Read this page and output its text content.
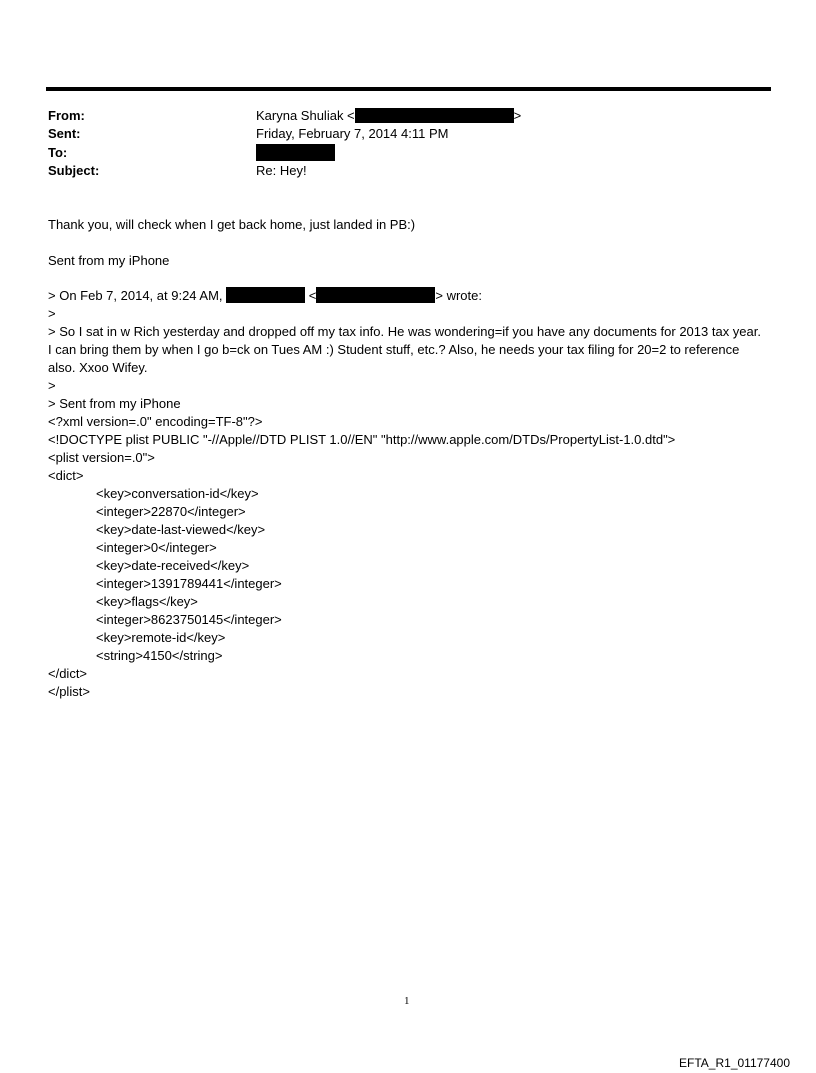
From:	Karyna Shuliak <	>
Sent:	Friday, February 7, 2014 4:11 PM
To:
Subject:	Re: Hey!
Thank you, will check when I get back home, just landed in PB:)
Sent from my iPhone
> On Feb 7, 2014, at 9:24 AM,	<	> wrote:
>
> So I sat in w Rich yesterday and dropped off my tax info. He was wondering=if you have any documents for 2013 tax year. I can bring them by when I go b=ck on Tues AM :) Student stuff, etc.? Also, he needs your tax filing for 20=2 to reference also. Xxoo Wifey.
>
> Sent from my iPhone
<?xml version=.0" encoding=TF-8"?>
<!DOCTYPE plist PUBLIC "-//Apple//DTD PLIST 1.0//EN" "http://www.apple.com/DTDs/PropertyList-1.0.dtd">
<plist version=.0">
<dict>
<key>conversation-id</key>
<integer>22870</integer>
<key>date-last-viewed</key>
<integer>0</integer>
<key>date-received</key>
<integer>1391789441</integer>
<key>flags</key>
<integer>8623750145</integer>
<key>remote-id</key>
<string>4150</string>
</dict>
</plist>
1
EFTA_R1_01177400
